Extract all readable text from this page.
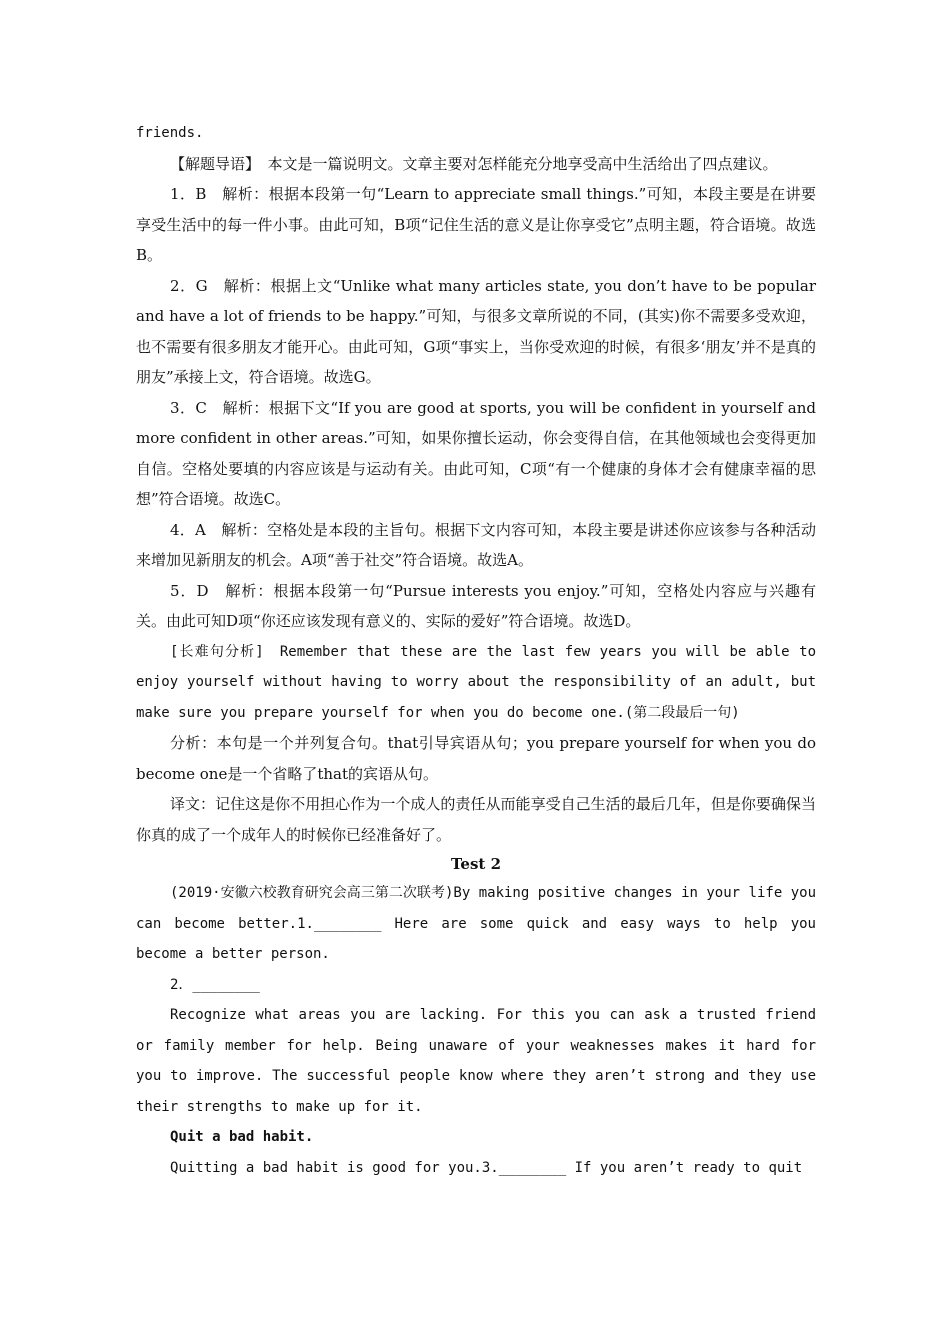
friends.

【解题导语】　本文是一篇说明文。文章主要对怎样能充分地享受高中生活给出了四点建议。

1．B　解析：根据本段第一句“Learn to appreciate small things.”可知，本段主要是在讲要享受生活中的每一件小事。由此可知，B项“记住生活的意义是让你享受它”点明主题，符合语境。故选B。

2．G　解析：根据上文“Unlike what many articles state, you don’t have to be popular and have a lot of friends to be happy.”可知，与很多文章所说的不同，(其实)你不需要多受欢迎，也不需要有很多朋友才能开心。由此可知，G项“事实上，当你受欢迎的时候，有很多‘朋友’并不是真的朋友”承接上文，符合语境。故选G。

3．C　解析：根据下文“If you are good at sports, you will be confident in yourself and more confident in other areas.”可知，如果你擅长运动，你会变得自信，在其他领域也会变得更加自信。空格处要填的内容应该是与运动有关。由此可知，C项“有一个健康的身体才会有健康幸福的思想”符合语境。故选C。

4．A　解析：空格处是本段的主旨句。根据下文内容可知，本段主要是讲述你应该参与各种活动来增加见新朋友的机会。A项“善于社交”符合语境。故选A。

5．D　解析：根据本段第一句“Pursue interests you enjoy.”可知，空格处内容应与兴趣有关。由此可知D项“你还应该发现有意义的、实际的爱好”符合语境。故选D。

[长难句分析]　Remember that these are the last few years you will be able to enjoy yourself without having to worry about the responsibility of an adult, but make sure you prepare yourself for when you do become one.(第二段最后一句)

分析：本句是一个并列复合句。that引导宾语从句；you prepare yourself for when you do become one是一个省略了that的宾语从句。

译文：记住这是你不用担心作为一个成人的责任从而能享受自己生活的最后几年，但是你要确保当你真的成了一个成年人的时候你已经准备好了。

Test 2

(2019·安徽六校教育研究会高三第二次联考)By making positive changes in your life you can become better.1.________ Here are some quick and easy ways to help you become a better person.

2．________

Recognize what areas you are lacking. For this you can ask a trusted friend or family member for help. Being unaware of your weaknesses makes it hard for you to improve. The successful people know where they aren’t strong and they use their strengths to make up for it.

Quit a bad habit.

Quitting a bad habit is good for you.3.________ If you aren’t ready to quit
